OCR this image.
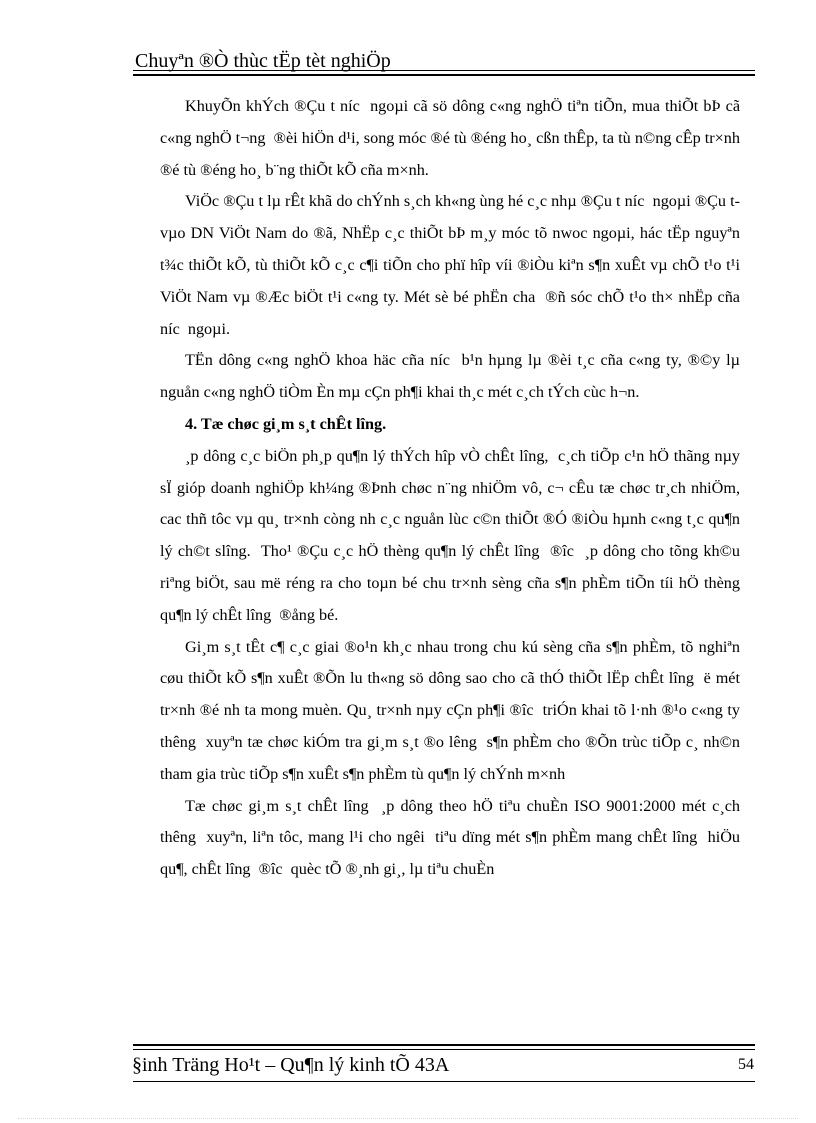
Chuyªn ®Ò thùc tËp tèt nghiÖp

KhuyÕn khÝch ®Çu t níc  ngoµi cã sö dông c«ng nghÖ tiªn tiÕn, mua thiÕt bÞ cã c«ng nghÖ t¬ng  ®èi hiÖn d¹i, song móc ®é tù ®éng ho¸ cßn thÊp, ta tù n©ng cÊp tr×nh ®é tù ®éng ho¸ b¨ng thiÕt kÕ cña m×nh.

ViÖc ®Çu t lµ rÊt khã do chÝnh s¸ch kh«ng ùng hé c¸c nhµ ®Çu t níc  ngoµi ®Çu t vµo DN ViÖt Nam do ®ã, NhËp c¸c thiÕt bÞ m¸y móc tõ nwoc ngoµi, hác tËp nguyªn t¾c thiÕt kÕ, tù thiÕt kÕ c¸c c¶i tiÕn cho phï hîp víi ®iÒu kiªn s¶n xuÊt vµ chÕ t¹o t¹i ViÖt Nam vµ ®Æc biÖt t¹i c«ng ty. Mét sè bé phËn cha  ®ñ sóc chÕ t¹o th× nhËp cña níc  ngoµi.

TËn dông c«ng nghÖ khoa häc cña níc  b¹n hµng lµ ®èi t¸c cña c«ng ty, ®©y lµ nguån c«ng nghÖ tiÒm Èn mµ cÇn ph¶i khai th¸c mét c¸ch tÝch cùc h¬n.

4. Tæ chøc gi¸m s¸t chÊt lîng.

¸p dông c¸c biÖn ph¸p qu¶n lý thÝch hîp vÒ chÊt lîng,  c¸ch tiÕp c¹n hÖ thãng nµy sÏ gióp doanh nghiÖp kh¼ng ®Þnh chøc n¨ng nhiÖm vô, c¬ cÊu tæ chøc tr¸ch nhiÖm, cac thñ tôc vµ qu¸ tr×nh còng nh c¸c nguån lùc c©n thiÕt ®Ó ®iÒu hµnh c«ng t¸c qu¶n lý ch©t slîng.  Tho¹ ®Çu c¸c hÖ thèng qu¶n lý chÊt lîng  ®îc  ¸p dông cho tõng kh©u riªng biÖt, sau më réng ra cho toµn bé chu tr×nh sèng cña s¶n phÈm tiÕn tíi hÖ thèng qu¶n lý chÊt lîng  ®ång bé.

Gi¸m s¸t tÊt c¶ c¸c giai ®o¹n kh¸c nhau trong chu kú sèng cña s¶n phÈm, tõ nghiªn cøu thiÕt kÕ s¶n xuÊt ®Õn lu th«ng sö dông sao cho cã thÓ thiÕt lËp chÊt lîng  ë mét tr×nh ®é nh ta mong muèn. Qu¸ tr×nh nµy cÇn ph¶i ®îc  triÓn khai tõ l·nh ®¹o c«ng ty thêng  xuyªn tæ chøc kiÓm tra gi¸m s¸t ®o lêng  s¶n phÈm cho ®Õn trùc tiÕp c¸ nh©n tham gia trùc tiÕp s¶n xuÊt s¶n phÈm tù qu¶n lý chÝnh m×nh

Tæ chøc gi¸m s¸t chÊt lîng  ¸p dông theo hÖ tiªu chuÈn ISO 9001:2000 mét c¸ch thêng  xuyªn, liªn tôc, mang l¹i cho ngêi  tiªu dïng mét s¶n phÈm mang chÊt lîng  hiÖu qu¶, chÊt lîng  ®îc  quèc tÕ ®¸nh gi¸, lµ tiªu chuÈn

§inh Träng Ho¹t – Qu¶n lý kinh tÕ 43A	54
